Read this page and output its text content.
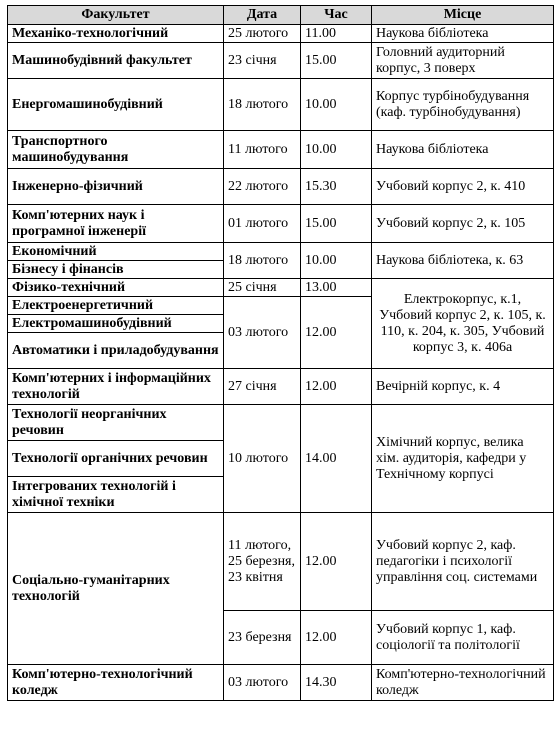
Факультет	Дата	Час	Місце
Механіко-технологічний	25 лютого	11.00	Наукова бібліотека
Машинобудівний факультет	23 січня	15.00	Головний аудиторний корпус, 3 поверх
Енергомашинобудівний	18 лютого	10.00	Корпус турбінобудування (каф. турбінобудування)
Транспортного машинобудування	11 лютого	10.00	Наукова бібліотека
Інженерно-фізичний	22 лютого	15.30	Учбовий корпус 2, к. 410
Комп'ютерних наук і програмної інженерії	01 лютого	15.00	Учбовий корпус 2, к. 105
Економічний	18 лютого	10.00	Наукова бібліотека, к. 63
Бізнесу і фінансів			
Фізико-технічний	25 січня	13.00	Електрокорпус, к.1, Учбовий корпус 2, к. 105, к. 110, к. 204, к. 305, Учбовий корпус 3, к. 406а
Електроенергетичний	03 лютого	12.00	
Електромашинобудівний			
Автоматики і приладобудування			
Комп'ютерних і інформаційних технологій	27 січня	12.00	Вечірній корпус, к. 4
Технології неорганічних речовин	10 лютого	14.00	Хімічний корпус, велика хім. аудиторія, кафедри у Технічному корпусі
Технології органічних речовин			
Інтегрованих технологій і хімічної техніки			
Соціально-гуманітарних технологій	11 лютого, 25 березня, 23 квітня	12.00	Учбовий корпус 2, каф. педагогіки і психології управління соц. системами
	23 березня	12.00	Учбовий корпус 1, каф. соціології та політології
Комп'ютерно-технологічний коледж	03 лютого	14.30	Комп'ютерно-технологічний коледж
